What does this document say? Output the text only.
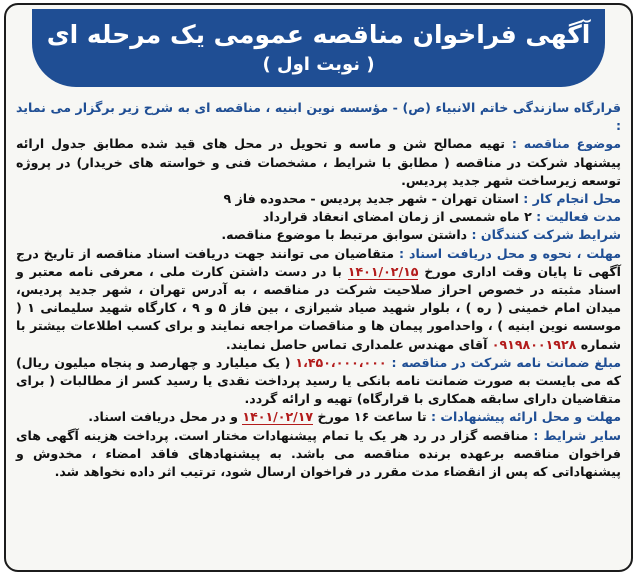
آگهی فراخوان مناقصه عمومی یک مرحله ای
( نوبت اول )

قرارگاه سازندگی خاتم الانبیاء (ص) - مؤسسه نوین ابنیه ، مناقصه ای به شرح زیر برگزار می نماید :

موضوع مناقصه : تهیه مصالح شن و ماسه و تحویل در محل های قید شده مطابق جدول ارائه پیشنهاد شرکت در مناقصه ( مطابق با شرایط ، مشخصات فنی و خواسته های خریدار) در پروژه توسعه زیرساخت شهر جدید پردیس.

محل انجام کار : استان تهران - شهر جدید پردیس - محدوده فاز ۹

مدت فعالیت : ۲ ماه شمسی از زمان امضای انعقاد قرارداد

شرایط شرکت کنندگان : داشتن سوابق مرتبط با موضوع مناقصه.

مهلت ، نحوه و محل دریافت اسناد : متقاضیان می توانند جهت دریافت اسناد مناقصه از تاریخ درج آگهی تا پایان وقت اداری مورخ ۱۴۰۱/۰۲/۱۵ با در دست داشتن کارت ملی ، معرفی نامه معتبر و اسناد مثبته در خصوص احراز صلاحیت شرکت در مناقصه ، به آدرس تهران ، شهر جدید پردیس، میدان امام خمینی ( ره ) ، بلوار شهید صیاد شیرازی ، بین فاز ۵ و ۹ ، کارگاه شهید سلیمانی ۱ ( موسسه نوین ابنیه ) ، واحدامور پیمان ها و مناقصات مراجعه نمایند و برای کسب اطلاعات بیشتر با شماره ۰۹۱۹۸۰۰۱۹۲۸ آقای مهندس علمداری تماس حاصل نمایند.

مبلغ ضمانت نامه شرکت در مناقصه : ۱،۴۵۰،۰۰۰،۰۰۰ ( یک میلیارد و چهارصد و پنجاه میلیون ریال) که می بایست به صورت ضمانت نامه بانکی یا رسید پرداخت نقدی یا رسید کسر از مطالبات ( برای متقاضیان دارای سابقه همکاری با قرارگاه) تهیه و ارائه گردد.

مهلت و محل ارائه پیشنهادات : تا ساعت ۱۶ مورخ ۱۴۰۱/۰۲/۱۷ و در محل دریافت اسناد.

سایر شرایط : مناقصه گزار در رد هر یک یا تمام پیشنهادات مختار است. پرداخت هزینه آگهی های فراخوان مناقصه برعهده برنده مناقصه می باشد. به پیشنهادهای فاقد امضاء ، مخدوش و پیشنهاداتی که پس از انقضاء مدت مقرر در فراخوان ارسال شود، ترتیب اثر داده نخواهد شد.
